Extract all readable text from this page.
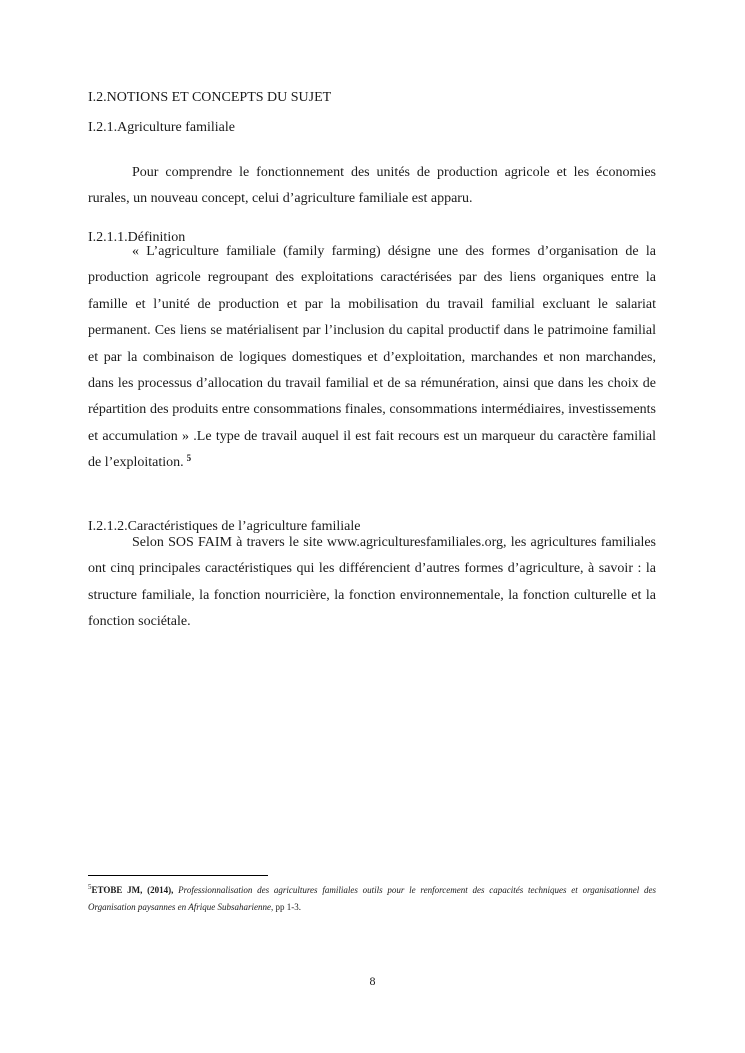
I.2.NOTIONS ET CONCEPTS DU SUJET
I.2.1.Agriculture familiale

Pour comprendre le fonctionnement des unités de production agricole et les économies rurales, un nouveau concept, celui d’agriculture familiale est apparu.

I.2.1.1.Définition

« L’agriculture familiale (family farming) désigne une des formes d’organisation de la production agricole regroupant des exploitations caractérisées par des liens organiques entre la famille et l’unité de production et par la mobilisation du travail familial excluant le salariat permanent. Ces liens se matérialisent par l’inclusion du capital productif dans le patrimoine familial et par la combinaison de logiques domestiques et d’exploitation, marchandes et non marchandes, dans les processus d’allocation du travail familial et de sa rémunération, ainsi que dans les choix de répartition des produits entre consommations finales, consommations intermédiaires, investissements et accumulation » .Le type de travail auquel il est fait recours est un marqueur du caractère familial de l’exploitation. $^5$

I.2.1.2.Caractéristiques de l’agriculture familiale

Selon SOS FAIM à travers le site www.agriculturesfamiliales.org, les agricultures familiales ont cinq principales caractéristiques qui les différencient d’autres formes d’agriculture, à savoir : la structure familiale, la fonction nourricière, la fonction environnementale, la fonction culturelle et la fonction sociétale.

$^5$ETOBE JM, (2014), Professionnalisation des agricultures familiales outils pour le renforcement des capacités techniques et organisationnel des Organisation paysannes en Afrique Subsaharienne, pp 1-3.

8
